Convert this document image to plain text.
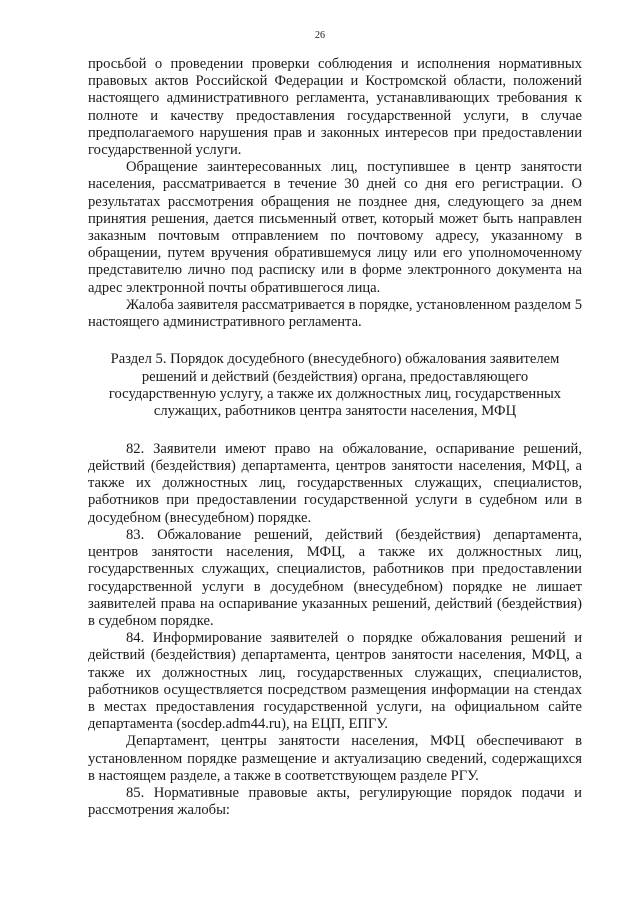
26

просьбой о проведении проверки соблюдения и исполнения нормативных правовых актов Российской Федерации и Костромской области, положений настоящего административного регламента, устанавливающих требования к полноте и качеству предоставления государственной услуги, в случае предполагаемого нарушения прав и законных интересов при предоставлении государственной услуги.

Обращение заинтересованных лиц, поступившее в центр занятости населения, рассматривается в течение 30 дней со дня его регистрации. О результатах рассмотрения обращения не позднее дня, следующего за днем принятия решения, дается письменный ответ, который может быть направлен заказным почтовым отправлением по почтовому адресу, указанному в обращении, путем вручения обратившемуся лицу или его уполномоченному представителю лично под расписку или в форме электронного документа на адрес электронной почты обратившегося лица.

Жалоба заявителя рассматривается в порядке, установленном разделом 5 настоящего административного регламента.

Раздел 5. Порядок досудебного (внесудебного) обжалования заявителем решений и действий (бездействия) органа, предоставляющего государственную услугу, а также их должностных лиц, государственных служащих, работников центра занятости населения, МФЦ

82. Заявители имеют право на обжалование, оспаривание решений, действий (бездействия) департамента, центров занятости населения, МФЦ, а также их должностных лиц, государственных служащих, специалистов, работников при предоставлении государственной услуги в судебном или в досудебном (внесудебном) порядке.

83. Обжалование решений, действий (бездействия) департамента, центров занятости населения, МФЦ, а также их должностных лиц, государственных служащих, специалистов, работников при предоставлении государственной услуги в досудебном (внесудебном) порядке не лишает заявителей права на оспаривание указанных решений, действий (бездействия) в судебном порядке.

84. Информирование заявителей о порядке обжалования решений и действий (бездействия) департамента, центров занятости населения, МФЦ, а также их должностных лиц, государственных служащих, специалистов, работников осуществляется посредством размещения информации на стендах в местах предоставления государственной услуги, на официальном сайте департамента (socdep.adm44.ru), на ЕЦП, ЕПГУ.

Департамент, центры занятости населения, МФЦ обеспечивают в установленном порядке размещение и актуализацию сведений, содержащихся в настоящем разделе, а также в соответствующем разделе РГУ.

85. Нормативные правовые акты, регулирующие порядок подачи и рассмотрения жалобы:
